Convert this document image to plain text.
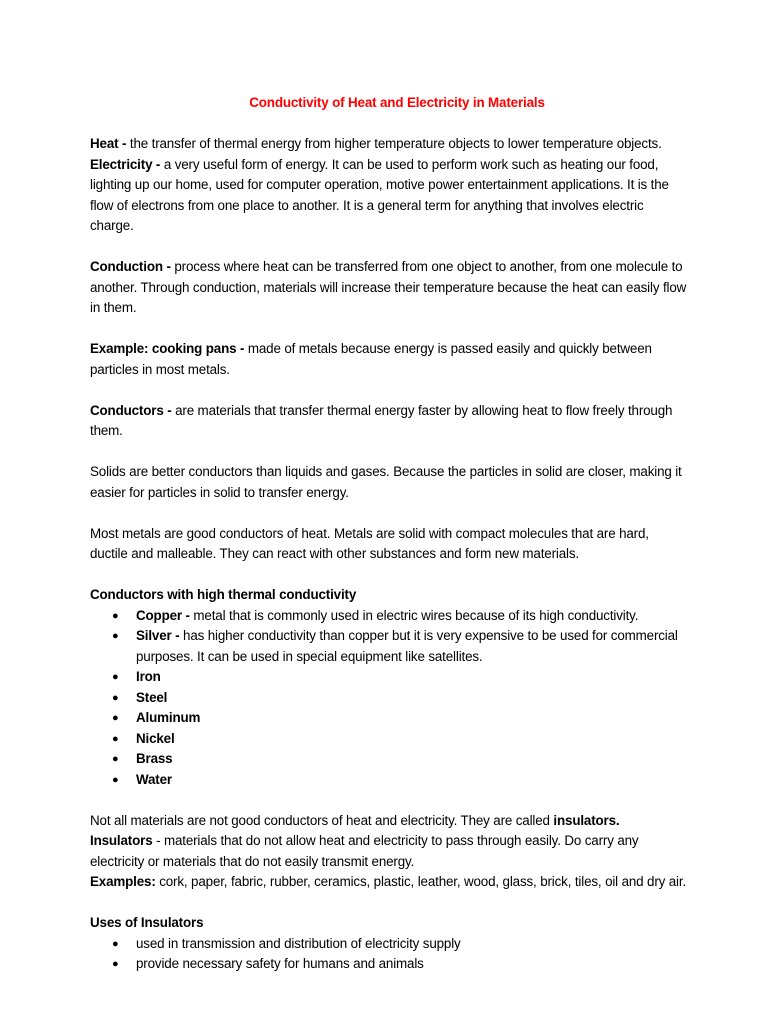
Conductivity of Heat and Electricity in Materials

Heat - the transfer of thermal energy from higher temperature objects to lower temperature objects.

Electricity - a very useful form of energy. It can be used to perform work such as heating our food, lighting up our home, used for computer operation, motive power entertainment applications. It is the flow of electrons from one place to another. It is a general term for anything that involves electric charge.

Conduction - process where heat can be transferred from one object to another, from one molecule to another. Through conduction, materials will increase their temperature because the heat can easily flow in them.

Example: cooking pans - made of metals because energy is passed easily and quickly between particles in most metals.

Conductors - are materials that transfer thermal energy faster by allowing heat to flow freely through them.

Solids are better conductors than liquids and gases. Because the particles in solid are closer, making it easier for particles in solid to transfer energy.

Most metals are good conductors of heat. Metals are solid with compact molecules that are hard, ductile and malleable. They can react with other substances and form new materials.

Conductors with high thermal conductivity

● Copper - metal that is commonly used in electric wires because of its high conductivity.
● Silver - has higher conductivity than copper but it is very expensive to be used for commercial purposes. It can be used in special equipment like satellites.
● Iron
● Steel
● Aluminum
● Nickel
● Brass
● Water

Not all materials are not good conductors of heat and electricity. They are called insulators.

Insulators - materials that do not allow heat and electricity to pass through easily. Do carry any electricity or materials that do not easily transmit energy.

Examples: cork, paper, fabric, rubber, ceramics, plastic, leather, wood, glass, brick, tiles, oil and dry air.

Uses of Insulators

● used in transmission and distribution of electricity supply
● provide necessary safety for humans and animals
